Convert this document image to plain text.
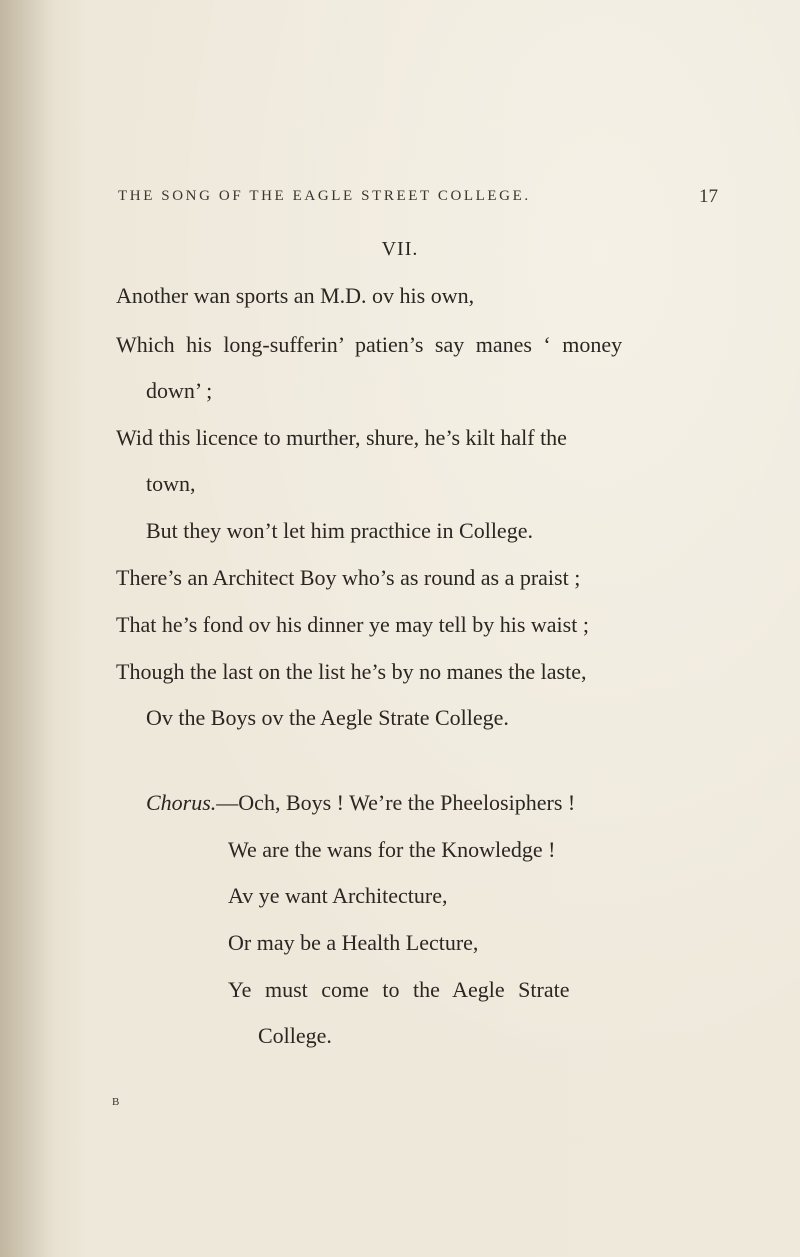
THE SONG OF THE EAGLE STREET COLLEGE.	17
VII.
Another wan sports an M.D. ov his own,
Which his long-sufferin’ patien’s say manes ‘ money
down’ ;
Wid this licence to murther, shure, he’s kilt half the
town,
But they won’t let him practhice in College.
There’s an Architect Boy who’s as round as a praist ;
That he’s fond ov his dinner ye may tell by his waist ;
Though the last on the list he’s by no manes the laste,
Ov the Boys ov the Aegle Strate College.
Chorus.—Och, Boys ! We’re the Pheelosiphers !
We are the wans for the Knowledge !
Av ye want Architecture,
Or may be a Health Lecture,
Ye must come to the Aegle Strate
College.
B
